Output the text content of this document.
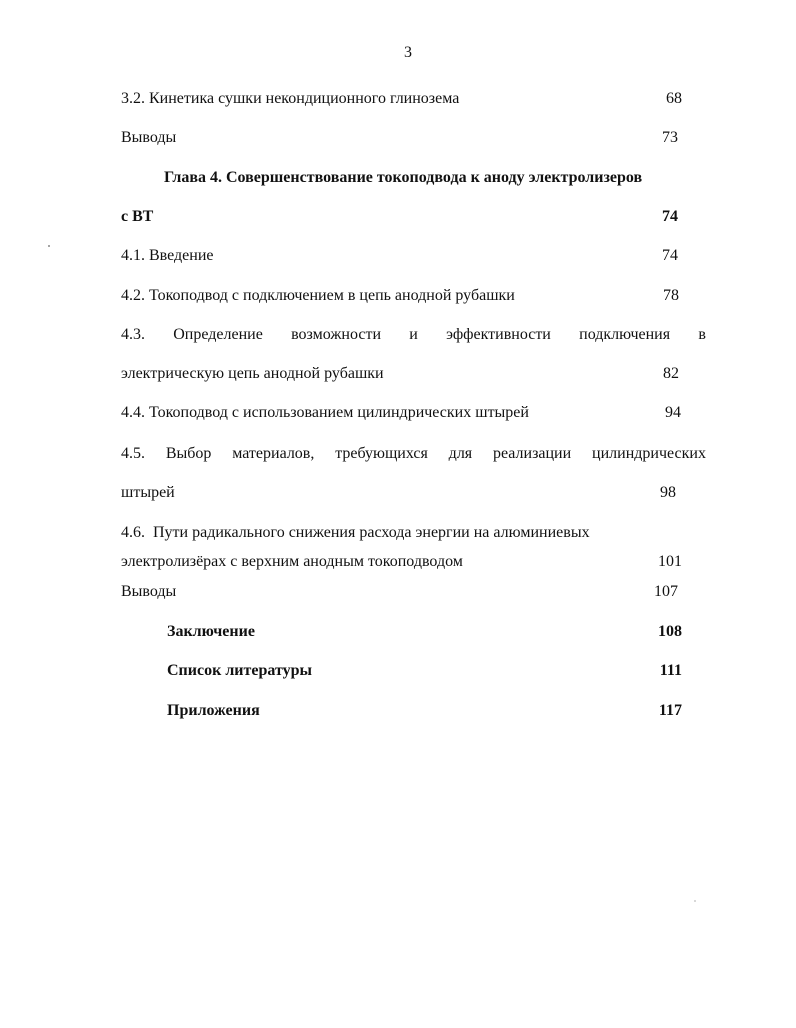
3
3.2. Кинетика сушки некондиционного глинозема	68
Выводы	73
Глава 4. Совершенствование токоподвода к аноду электролизеров
с ВТ	74
4.1. Введение	74
4.2. Токоподвод с подключением в цепь анодной рубашки	78
4.3. Определение возможности и эффективности подключения в
электрическую цепь анодной рубашки	82
4.4. Токоподвод с использованием цилиндрических штырей	94
4.5. Выбор материалов, требующихся для реализации цилиндрических
штырей	98
4.6.  Пути радикального снижения расхода энергии на алюминиевых
электролизёрах с верхним анодным токоподводом	101
Выводы	107
Заключение	108
Список литературы	111
Приложения	117
